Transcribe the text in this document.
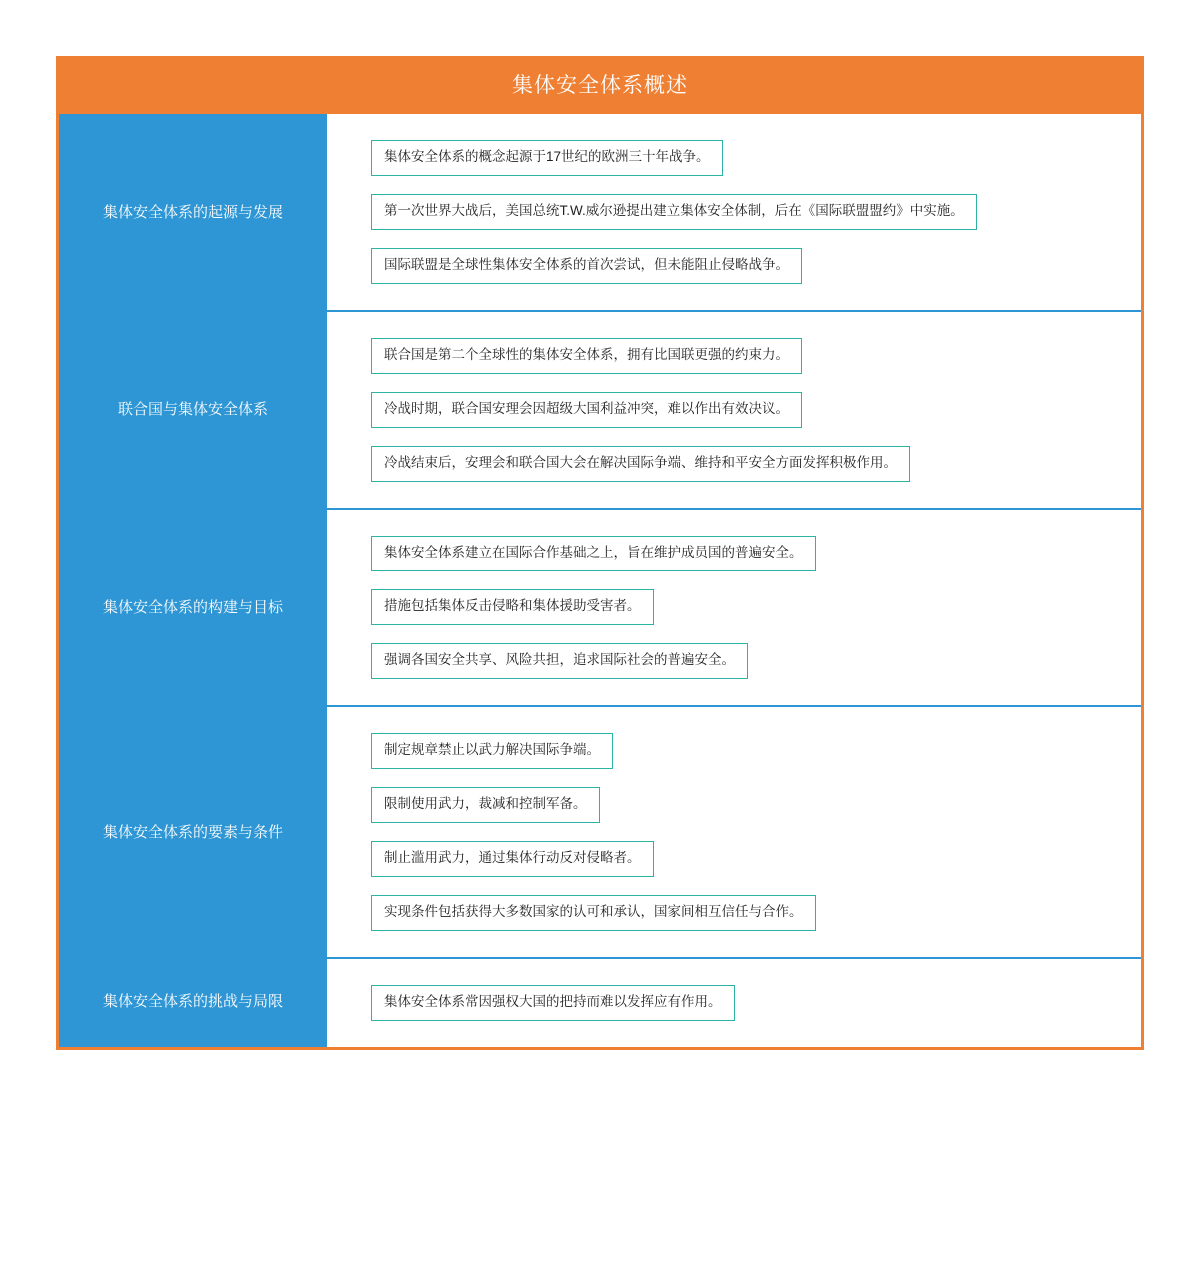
集体安全体系概述
集体安全体系的起源与发展
集体安全体系的概念起源于17世纪的欧洲三十年战争。
第一次世界大战后，美国总统T.W.威尔逊提出建立集体安全体制，后在《国际联盟盟约》中实施。
国际联盟是全球性集体安全体系的首次尝试，但未能阻止侵略战争。
联合国与集体安全体系
联合国是第二个全球性的集体安全体系，拥有比国联更强的约束力。
冷战时期，联合国安理会因超级大国利益冲突，难以作出有效决议。
冷战结束后，安理会和联合国大会在解决国际争端、维持和平安全方面发挥积极作用。
集体安全体系的构建与目标
集体安全体系建立在国际合作基础之上，旨在维护成员国的普遍安全。
措施包括集体反击侵略和集体援助受害者。
强调各国安全共享、风险共担，追求国际社会的普遍安全。
集体安全体系的要素与条件
制定规章禁止以武力解决国际争端。
限制使用武力，裁减和控制军备。
制止滥用武力，通过集体行动反对侵略者。
实现条件包括获得大多数国家的认可和承认，国家间相互信任与合作。
集体安全体系的挑战与局限	集体安全体系常因强权大国的把持而难以发挥应有作用。
